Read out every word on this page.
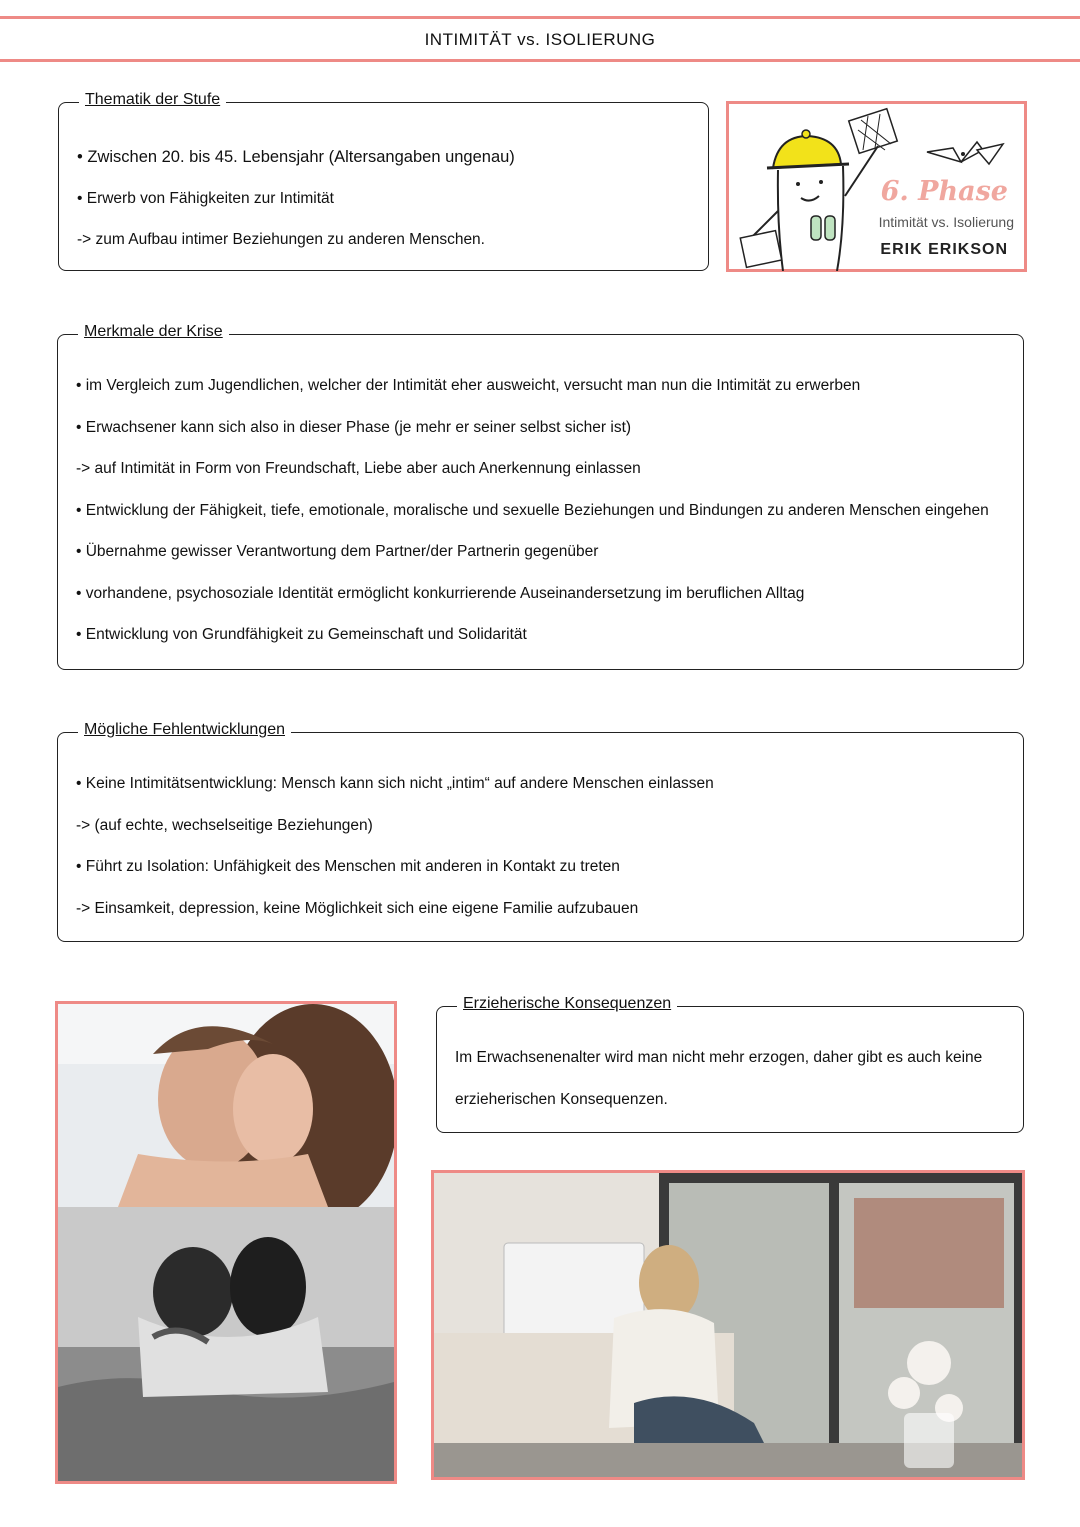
INTIMITÄT vs. ISOLIERUNG
Thematik der Stufe
• Zwischen 20. bis 45. Lebensjahr (Altersangaben ungenau)
• Erwerb von Fähigkeiten zur Intimität
-> zum Aufbau intimer Beziehungen zu anderen Menschen.
6. Phase
Intimität vs. Isolierung
ERIK ERIKSON
Merkmale der Krise
• im Vergleich zum Jugendlichen, welcher der Intimität eher ausweicht, versucht man nun die Intimität zu erwerben
• Erwachsener kann sich also in dieser Phase (je mehr er seiner selbst sicher ist)
-> auf Intimität in Form von Freundschaft, Liebe aber auch Anerkennung einlassen
• Entwicklung der Fähigkeit, tiefe, emotionale, moralische und sexuelle Beziehungen und Bindungen zu anderen Menschen eingehen
• Übernahme gewisser Verantwortung dem Partner/der Partnerin gegenüber
• vorhandene, psychosoziale Identität ermöglicht konkurrierende Auseinandersetzung im beruflichen Alltag
• Entwicklung von Grundfähigkeit zu Gemeinschaft und Solidarität
Mögliche Fehlentwicklungen
• Keine Intimitätsentwicklung: Mensch kann sich nicht „intim“ auf andere Menschen einlassen
-> (auf echte, wechselseitige Beziehungen)
• Führt zu Isolation: Unfähigkeit des Menschen mit anderen in Kontakt zu treten
-> Einsamkeit, depression, keine Möglichkeit sich eine eigene Familie aufzubauen
Erzieherische Konsequenzen
Im Erwachsenenalter wird man nicht mehr erzogen, daher gibt es auch keine
erzieherischen Konsequenzen.
